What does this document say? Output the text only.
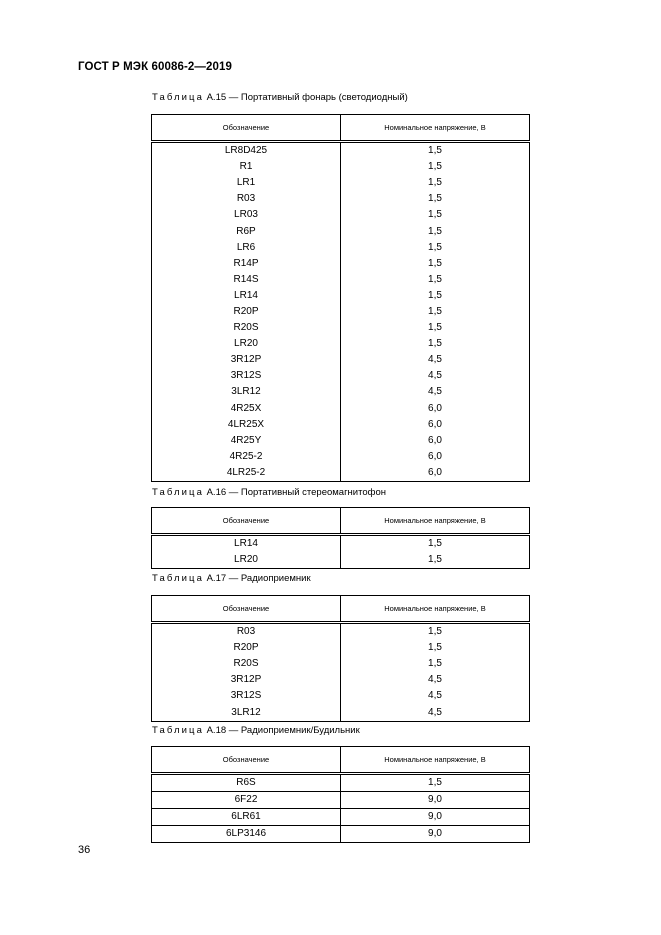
ГОСТ Р МЭК 60086-2—2019
Таблица А.15 — Портативный фонарь (светодиодный)
Обозначение	Номинальное напряжение, В
LR8D425	1,5
R1	1,5
LR1	1,5
R03	1,5
LR03	1,5
R6P	1,5
LR6	1,5
R14P	1,5
R14S	1,5
LR14	1,5
R20P	1,5
R20S	1,5
LR20	1,5
3R12P	4,5
3R12S	4,5
3LR12	4,5
4R25X	6,0
4LR25X	6,0
4R25Y	6,0
4R25-2	6,0
4LR25-2	6,0
Таблица А.16 — Портативный стереомагнитофон
Обозначение	Номинальное напряжение, В
LR14	1,5
LR20	1,5
Таблица А.17 — Радиоприемник
Обозначение	Номинальное напряжение, В
R03	1,5
R20P	1,5
R20S	1,5
3R12P	4,5
3R12S	4,5
3LR12	4,5
Таблица А.18 — Радиоприемник/Будильник
Обозначение	Номинальное напряжение, В
R6S	1,5
6F22	9,0
6LR61	9,0
6LP3146	9,0
36
